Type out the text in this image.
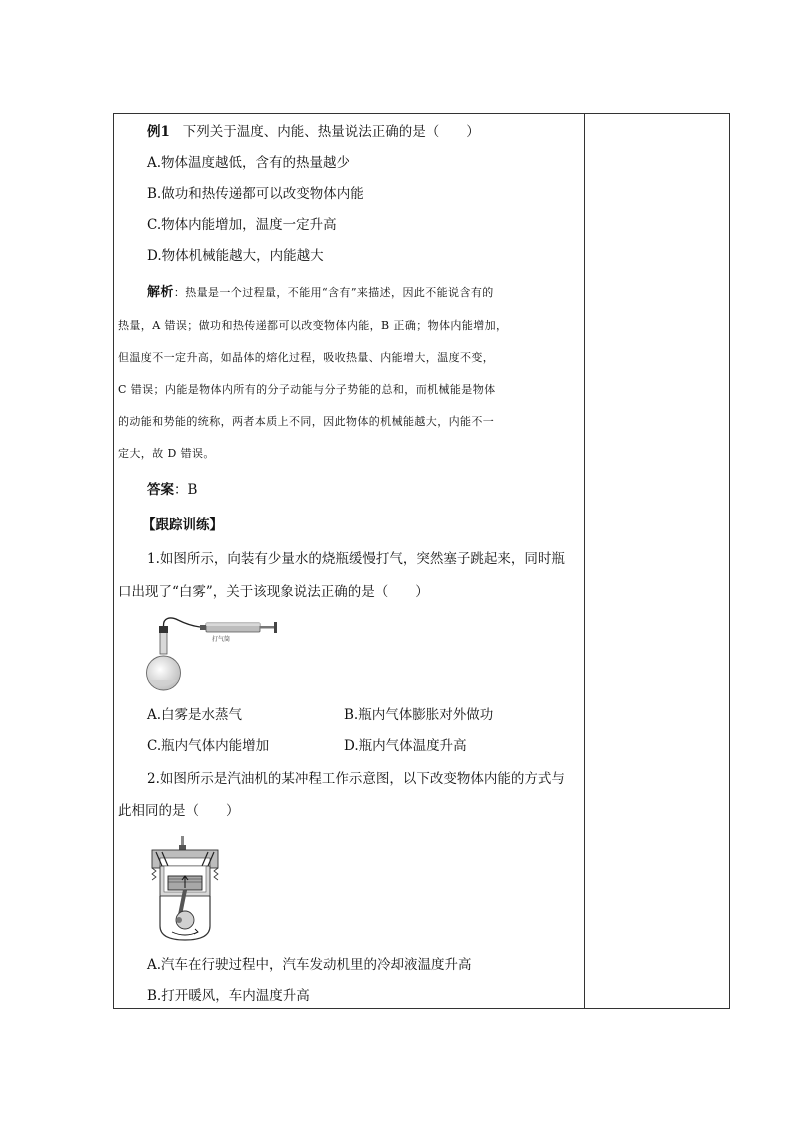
例1 下列关于温度、内能、热量说法正确的是（　　）
A.物体温度越低，含有的热量越少
B.做功和热传递都可以改变物体内能
C.物体内能增加，温度一定升高
D.物体机械能越大，内能越大
解析：热量是一个过程量，不能用“含有”来描述，因此不能说含有的
热量，A 错误；做功和热传递都可以改变物体内能，B 正确；物体内能增加，
但温度不一定升高，如晶体的熔化过程，吸收热量、内能增大，温度不变，
C 错误；内能是物体内所有的分子动能与分子势能的总和，而机械能是物体
的动能和势能的统称，两者本质上不同，因此物体的机械能越大，内能不一
定大，故 D 错误。
答案：B
【跟踪训练】
1.如图所示，向装有少量水的烧瓶缓慢打气，突然塞子跳起来，同时瓶
口出现了“白雾”，关于该现象说法正确的是（　　）
打气筒
A.白雾是水蒸气	B.瓶内气体膨胀对外做功
C.瓶内气体内能增加	D.瓶内气体温度升高
2.如图所示是汽油机的某冲程工作示意图，以下改变物体内能的方式与
此相同的是（　　）
A.汽车在行驶过程中，汽车发动机里的冷却液温度升高
B.打开暖风，车内温度升高
